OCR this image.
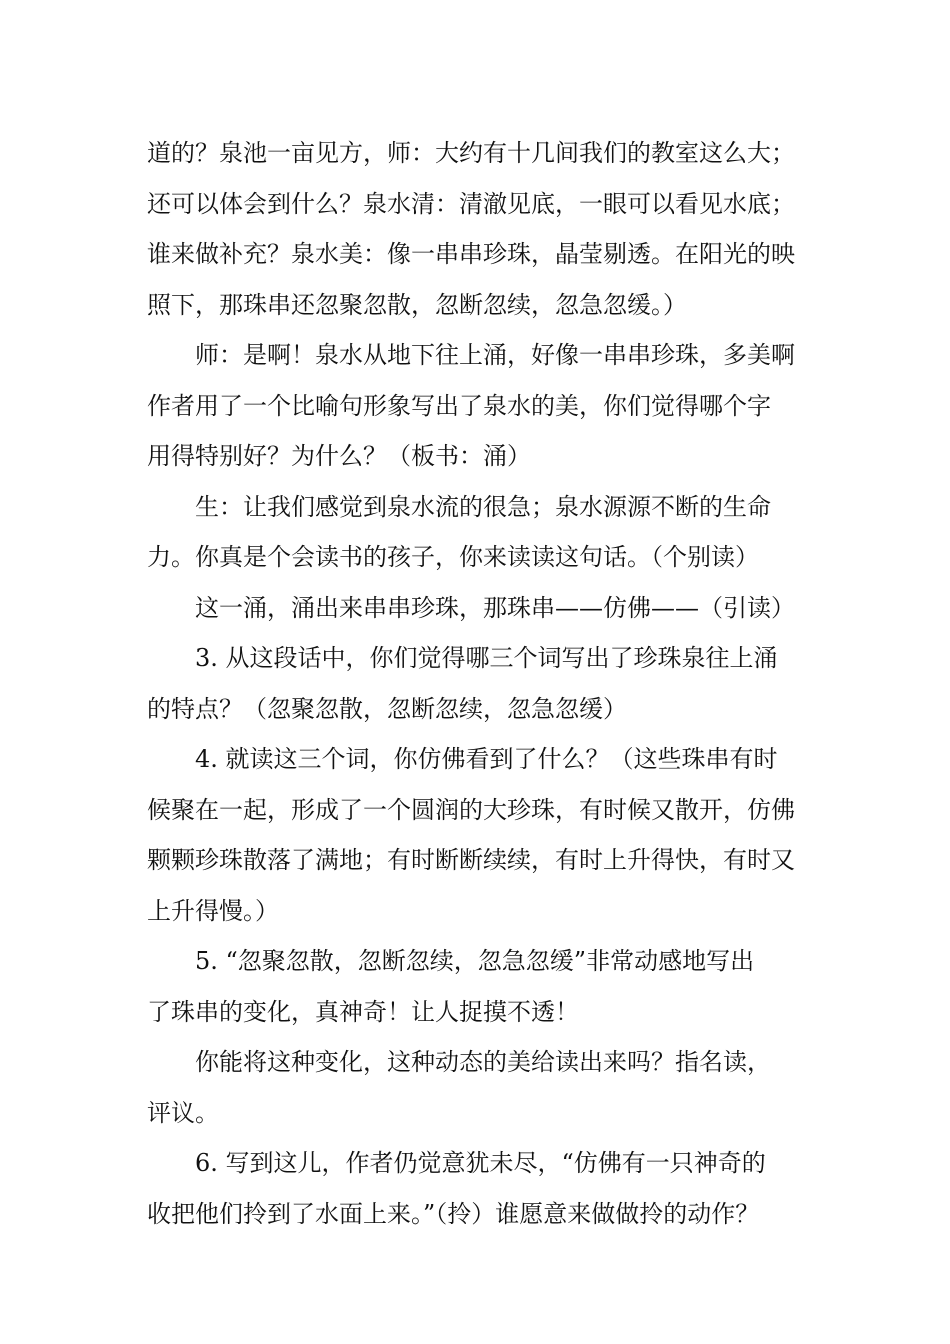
道的？泉池一亩见方，师：大约有十几间我们的教室这么大；
还可以体会到什么？泉水清：清澈见底，一眼可以看见水底；
谁来做补充？泉水美：像一串串珍珠，晶莹剔透。在阳光的映
照下，那珠串还忽聚忽散，忽断忽续，忽急忽缓。）
师：是啊！泉水从地下往上涌，好像一串串珍珠，多美啊
作者用了一个比喻句形象写出了泉水的美，你们觉得哪个字
用得特别好？为什么？（板书：涌）
生：让我们感觉到泉水流的很急；泉水源源不断的生命
力。你真是个会读书的孩子，你来读读这句话。（个别读）
这一涌，涌出来串串珍珠，那珠串——仿佛——（引读）
3. 从这段话中，你们觉得哪三个词写出了珍珠泉往上涌
的特点？（忽聚忽散，忽断忽续，忽急忽缓）
4. 就读这三个词，你仿佛看到了什么？（这些珠串有时
候聚在一起，形成了一个圆润的大珍珠，有时候又散开，仿佛
颗颗珍珠散落了满地；有时断断续续，有时上升得快，有时又
上升得慢。）
5. “忽聚忽散，忽断忽续，忽急忽缓”非常动感地写出
了珠串的变化，真神奇！让人捉摸不透！
你能将这种变化，这种动态的美给读出来吗？指名读，
评议。
6. 写到这儿，作者仍觉意犹未尽，“仿佛有一只神奇的
收把他们拎到了水面上来。”（拎）谁愿意来做做拎的动作？
